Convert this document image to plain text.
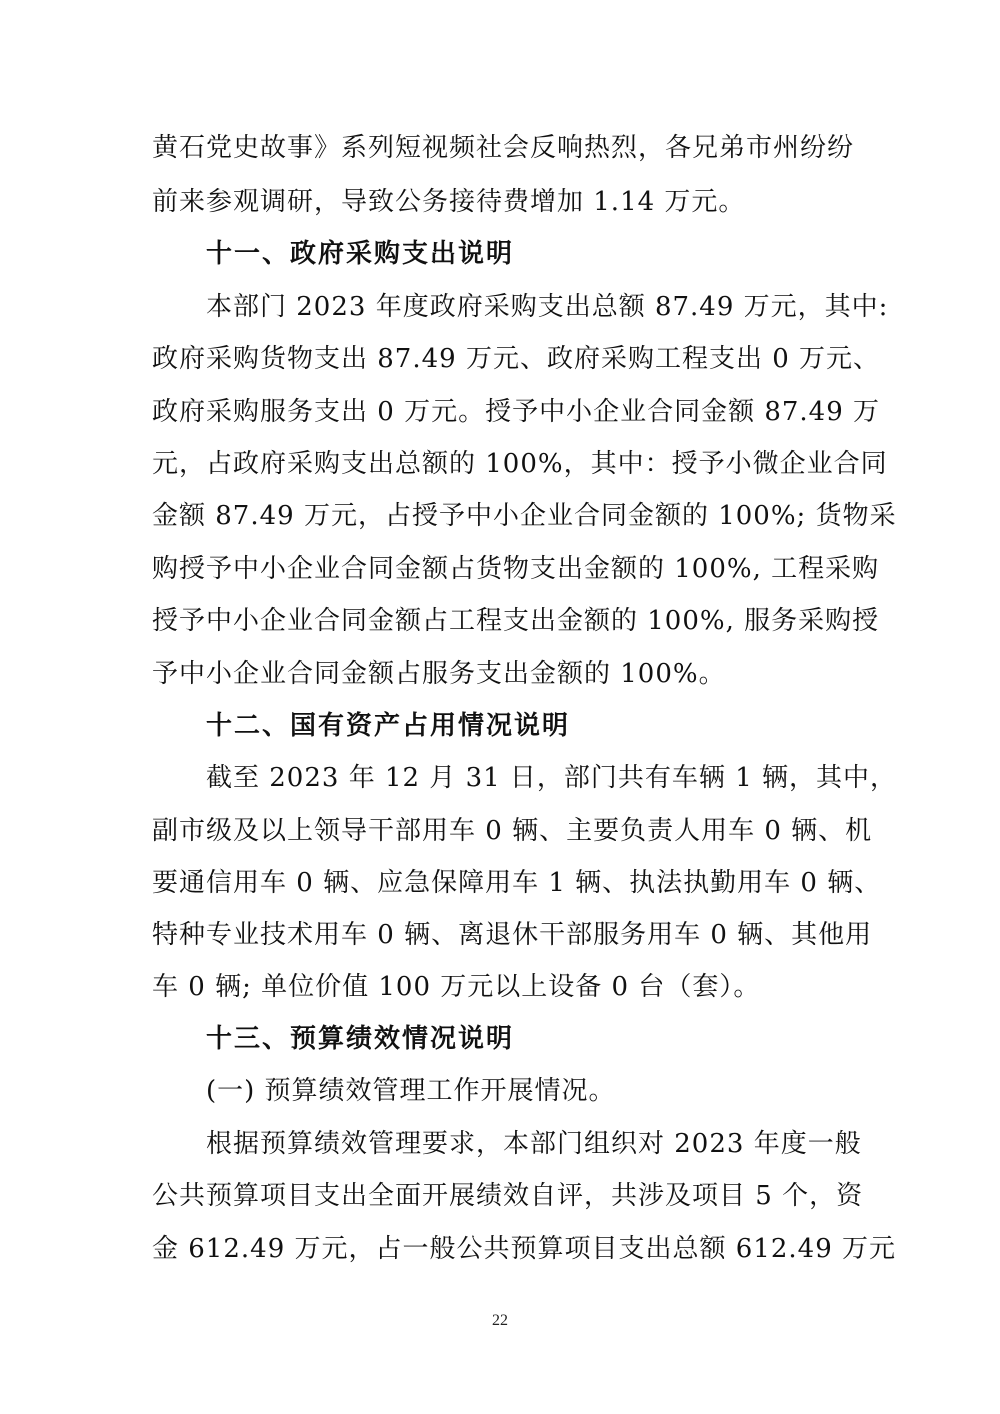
黄石党史故事》系列短视频社会反响热烈，各兄弟市州纷纷
前来参观调研，导致公务接待费增加 1.14 万元。
十一、政府采购支出说明
本部门 2023 年度政府采购支出总额 87.49 万元，其中:
政府采购货物支出 87.49 万元、政府采购工程支出 0 万元、
政府采购服务支出 0 万元。授予中小企业合同金额 87.49 万
元，占政府采购支出总额的 100%，其中：授予小微企业合同
金额 87.49 万元，占授予中小企业合同金额的 100%; 货物采
购授予中小企业合同金额占货物支出金额的 100%, 工程采购
授予中小企业合同金额占工程支出金额的 100%, 服务采购授
予中小企业合同金额占服务支出金额的 100%。
十二、国有资产占用情况说明
截至 2023 年 12 月 31 日，部门共有车辆 1 辆，其中，
副市级及以上领导干部用车 0 辆、主要负责人用车 0 辆、机
要通信用车 0 辆、应急保障用车 1 辆、执法执勤用车 0 辆、
特种专业技术用车 0 辆、离退休干部服务用车 0 辆、其他用
车 0 辆; 单位价值 100 万元以上设备 0 台（套）。
十三、预算绩效情况说明
(一) 预算绩效管理工作开展情况。
根据预算绩效管理要求，本部门组织对 2023 年度一般
公共预算项目支出全面开展绩效自评，共涉及项目 5 个，资
金 612.49 万元，占一般公共预算项目支出总额 612.49 万元
22
